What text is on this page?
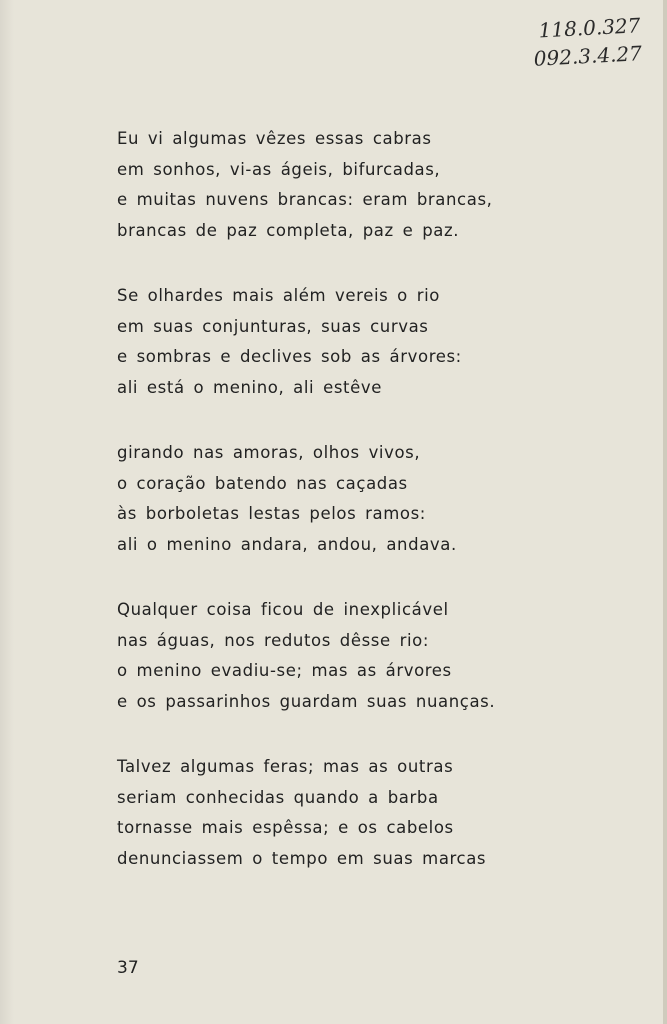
118.0.327
092.3.4.27
Eu vi algumas vêzes essas cabras
em sonhos, vi-as ágeis, bifurcadas,
e muitas nuvens brancas: eram brancas,
brancas de paz completa, paz e paz.
Se olhardes mais além vereis o rio
em suas conjunturas, suas curvas
e sombras e declives sob as árvores:
ali está o menino, ali estêve
girando nas amoras, olhos vivos,
o coração batendo nas caçadas
às borboletas lestas pelos ramos:
ali o menino andara, andou, andava.
Qualquer coisa ficou de inexplicável
nas águas, nos redutos dêsse rio:
o menino evadiu-se; mas as árvores
e os passarinhos guardam suas nuanças.
Talvez algumas feras; mas as outras
seriam conhecidas quando a barba
tornasse mais espêssa; e os cabelos
denunciassem o tempo em suas marcas
37
